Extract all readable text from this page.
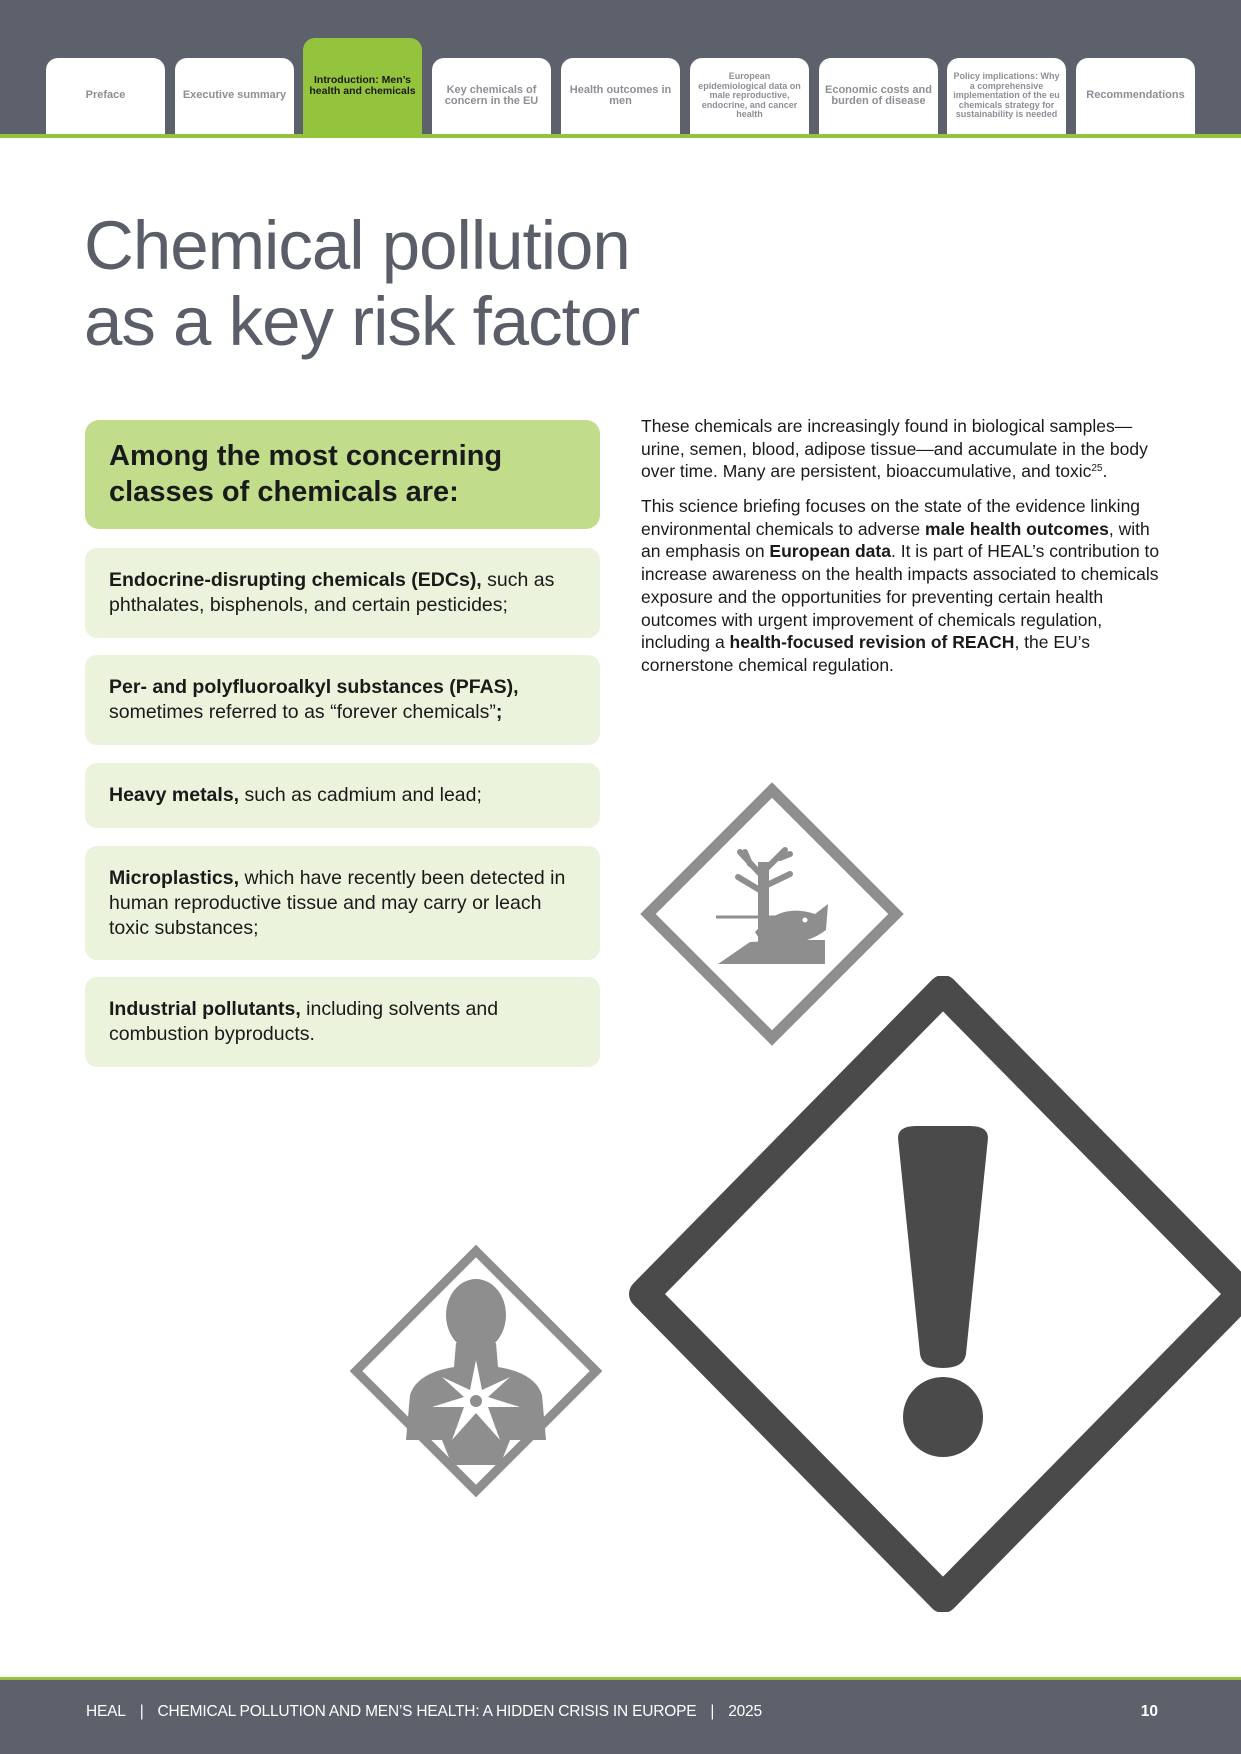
Preface	Executive summary
Introduction: Men’s health and chemicals	Key chemicals of concern in the EU
Health outcomes in men
European epidemiological data on male reproductive, endocrine, and cancer health
Economic costs and burden of disease
Policy implications: Why a comprehensive implementation of the eu chemicals strategy for sustainability is needed
Recommendations
Chemical pollution
as a key risk factor
Among the most concerning
classes of chemicals are:
Endocrine-disrupting chemicals (EDCs), such as phthalates, bisphenols, and certain pesticides;
Per- and polyfluoroalkyl substances (PFAS), sometimes referred to as “forever chemicals”;
Heavy metals, such as cadmium and lead;
Microplastics, which have recently been detected in human reproductive tissue and may carry or leach toxic substances;
Industrial pollutants, including solvents and combustion byproducts.

These chemicals are increasingly found in biological samples—urine, semen, blood, adipose tissue—and accumulate in the body over time. Many are persistent, bioaccumulative, and toxic$^{25}$.

This science briefing focuses on the state of the evidence linking environmental chemicals to adverse male health outcomes, with an emphasis on European data. It is part of HEAL’s contribution to increase awareness on the health impacts associated to chemicals exposure and the opportunities for preventing certain health outcomes with urgent improvement of chemicals regulation, including a health-focused revision of REACH, the EU’s cornerstone chemical regulation.

HEAL | CHEMICAL POLLUTION AND MEN’S HEALTH: A HIDDEN CRISIS IN EUROPE | 2025	10
